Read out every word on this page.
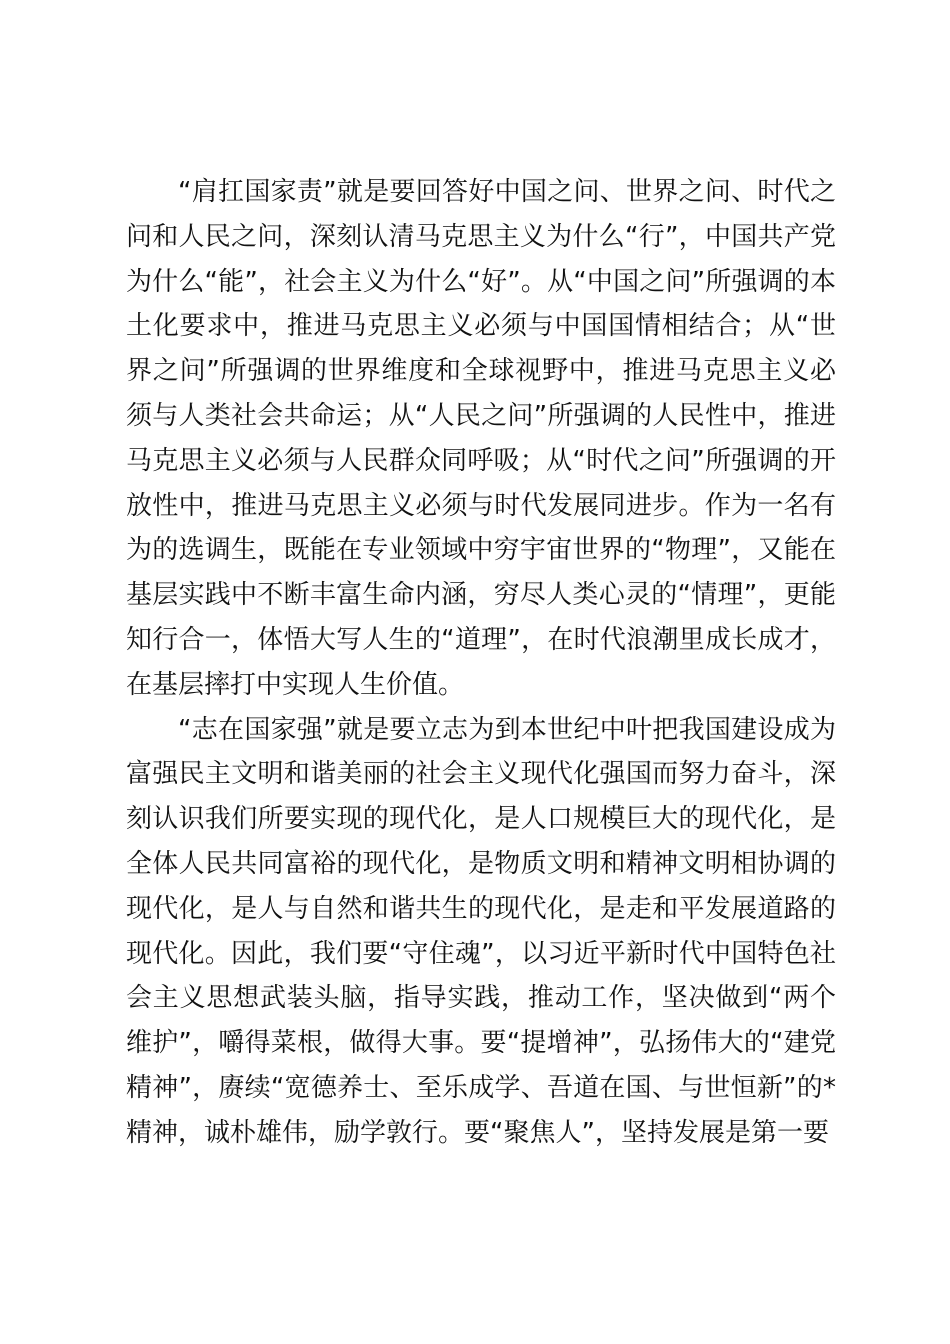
“肩扛国家责”就是要回答好中国之问、世界之问、时代之问和人民之问，深刻认清马克思主义为什么“行”，中国共产党为什么“能”，社会主义为什么“好”。从“中国之问”所强调的本土化要求中，推进马克思主义必须与中国国情相结合；从“世界之问”所强调的世界维度和全球视野中，推进马克思主义必须与人类社会共命运；从“人民之问”所强调的人民性中，推进马克思主义必须与人民群众同呼吸；从“时代之问”所强调的开放性中，推进马克思主义必须与时代发展同进步。作为一名有为的选调生，既能在专业领域中穷宇宙世界的“物理”，又能在基层实践中不断丰富生命内涵，穷尽人类心灵的“情理”，更能知行合一，体悟大写人生的“道理”，在时代浪潮里成长成才，在基层摔打中实现人生价值。

“志在国家强”就是要立志为到本世纪中叶把我国建设成为富强民主文明和谐美丽的社会主义现代化强国而努力奋斗，深刻认识我们所要实现的现代化，是人口规模巨大的现代化，是全体人民共同富裕的现代化，是物质文明和精神文明相协调的现代化，是人与自然和谐共生的现代化，是走和平发展道路的现代化。因此，我们要“守住魂”，以习近平新时代中国特色社会主义思想武装头脑，指导实践，推动工作，坚决做到“两个维护”，嚼得菜根，做得大事。要“提增神”，弘扬伟大的“建党精神”，赓续“宽德养士、至乐成学、吾道在国、与世恒新”的*精神，诚朴雄伟，励学敦行。要“聚焦人”，坚持发展是第一要
